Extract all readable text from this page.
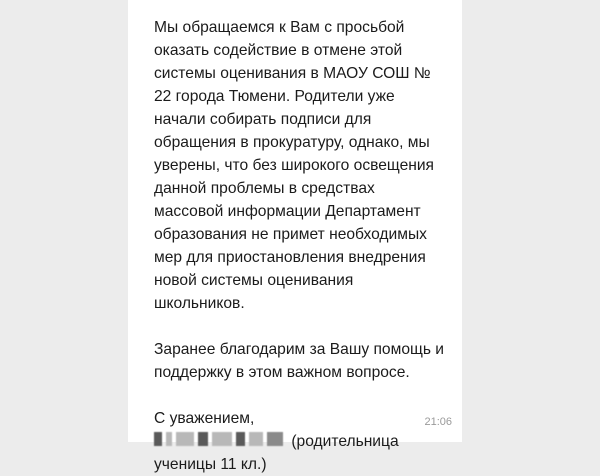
Мы обращаемся к Вам с просьбой
оказать содействие в отмене этой
системы оценивания в МАОУ СОШ №
22 города Тюмени. Родители уже
начали собирать подписи для
обращения в прокуратуру, однако, мы
уверены, что без широкого освещения
данной проблемы в средствах
массовой информации Департамент
образования не примет необходимых
мер для приостановления внедрения
новой системы оценивания
школьников.

Заранее благодарим за Вашу помощь и
поддержку в этом важном вопросе.

С уважением,
(родительница
ученицы 11 кл.)

21:06
